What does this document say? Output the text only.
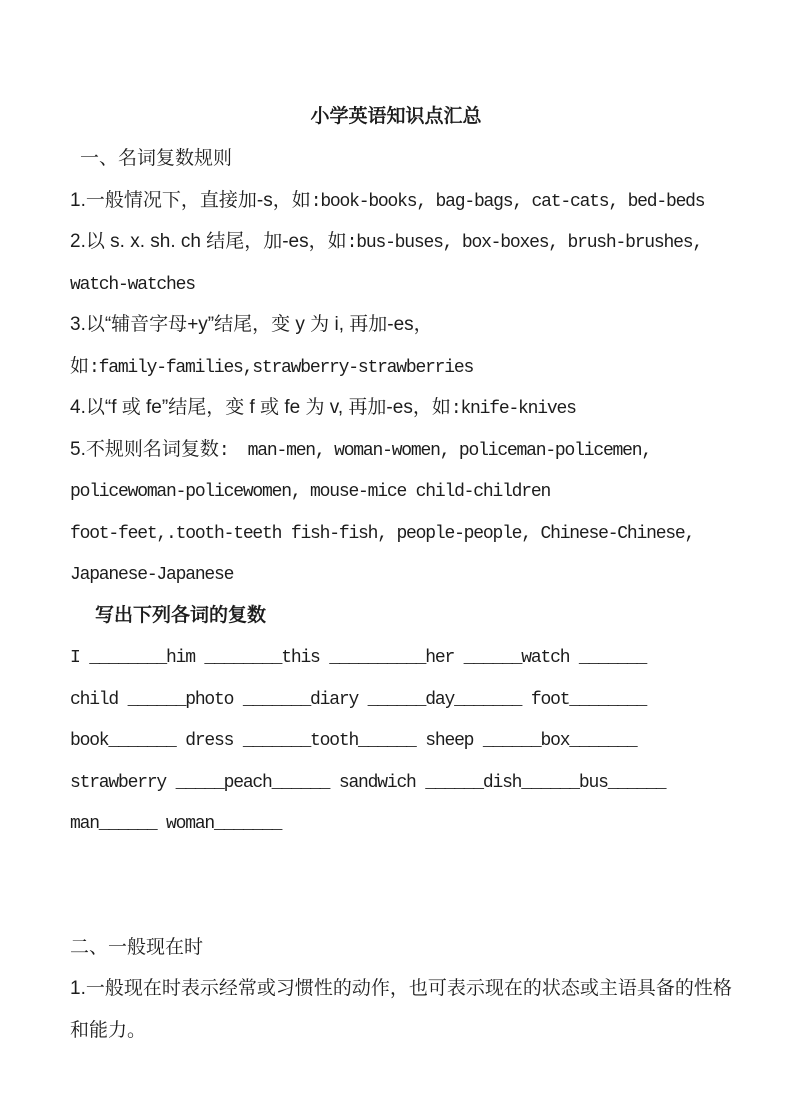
小学英语知识点汇总
一、名词复数规则
1.一般情况下，直接加-s，如:book-books, bag-bags, cat-cats, bed-beds
2.以 s. x. sh. ch 结尾，加-es，如:bus-buses, box-boxes, brush-brushes,
watch-watches
3.以“辅音字母+y”结尾，变 y 为 i, 再加-es，
如:family-families,strawberry-strawberries
4.以“f 或 fe”结尾，变 f 或 fe 为 v, 再加-es，如:knife-knives
5.不规则名词复数:  man-men, woman-women, policeman-policemen,
policewoman-policewomen, mouse-mice child-children
foot-feet,.tooth-teeth fish-fish, people-people, Chinese-Chinese,
Japanese-Japanese
写出下列各词的复数
I ________him ________this __________her ______watch _______
child ______photo _______diary ______day_______ foot________
book_______ dress _______tooth______ sheep ______box_______
strawberry _____peach______ sandwich ______dish______bus______
man______ woman_______
二、一般现在时
1.一般现在时表示经常或习惯性的动作，也可表示现在的状态或主语具备的性格
和能力。
